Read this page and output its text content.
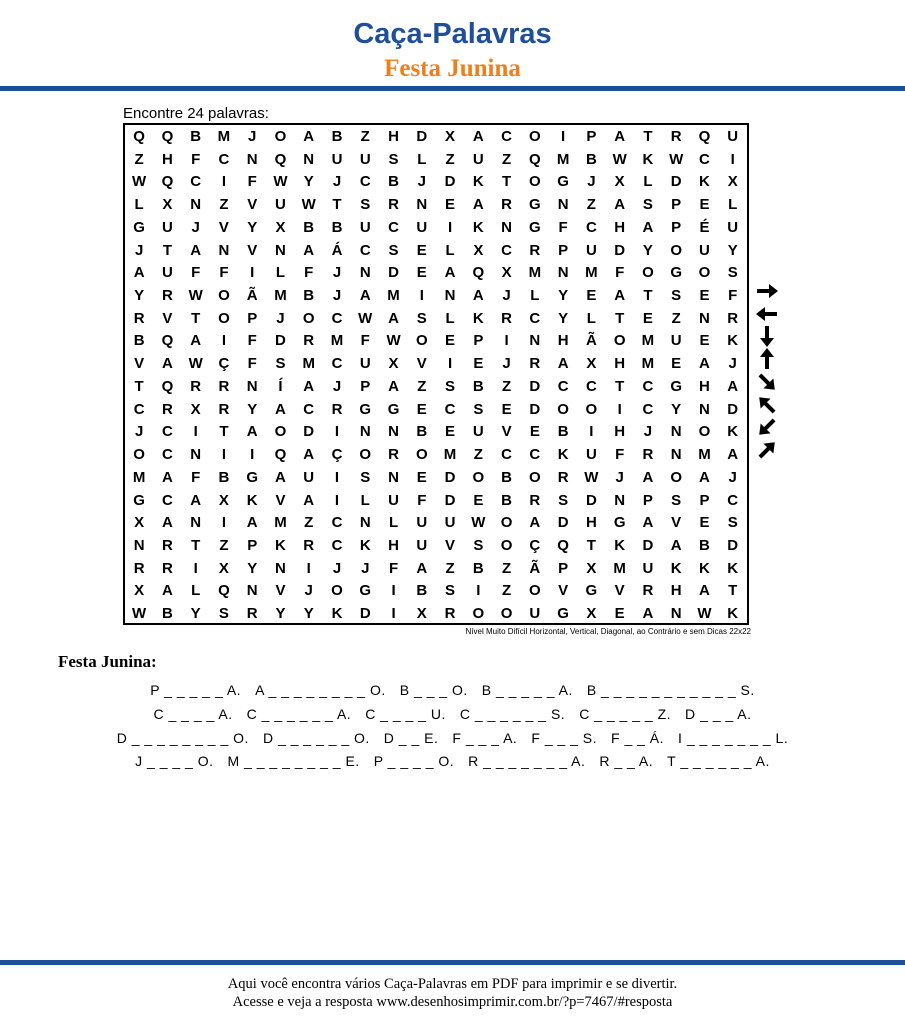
Caça-Palavras
Festa Junina
Encontre 24 palavras:
Q	Q	B	M	J	O	A	B	Z	H	D	X	A	C	O	I	P	A	T	R	Q	U
Z	H	F	C	N	Q	N	U	U	S	L	Z	U	Z	Q	M	B	W	K	W	C	I
W	Q	C	I	F	W	Y	J	C	B	J	D	K	T	O	G	J	X	L	D	K	X
L	X	N	Z	V	U	W	T	S	R	N	E	A	R	G	N	Z	A	S	P	E	L
G	U	J	V	Y	X	B	B	U	C	U	I	K	N	G	F	C	H	A	P	É	U
J	T	A	N	V	N	A	Á	C	S	E	L	X	C	R	P	U	D	Y	O	U	Y
A	U	F	F	I	L	F	J	N	D	E	A	Q	X	M	N	M	F	O	G	O	S
Y	R	W	O	Ã	M	B	J	A	M	I	N	A	J	L	Y	E	A	T	S	E	F
R	V	T	O	P	J	O	C	W	A	S	L	K	R	C	Y	L	T	E	Z	N	R
B	Q	A	I	F	D	R	M	F	W	O	E	P	I	N	H	Ã	O	M	U	E	K
V	A	W	Ç	F	S	M	C	U	X	V	I	E	J	R	A	X	H	M	E	A	J
T	Q	R	R	N	Í	A	J	P	A	Z	S	B	Z	D	C	C	T	C	G	H	A
C	R	X	R	Y	A	C	R	G	G	E	C	S	E	D	O	O	I	C	Y	N	D
J	C	I	T	A	O	D	I	N	N	B	E	U	V	E	B	I	H	J	N	O	K
O	C	N	I	I	Q	A	Ç	O	R	O	M	Z	C	C	K	U	F	R	N	M	A
M	A	F	B	G	A	U	I	S	N	E	D	O	B	O	R	W	J	A	O	A	J
G	C	A	X	K	V	A	I	L	U	F	D	E	B	R	S	D	N	P	S	P	C
X	A	N	I	A	M	Z	C	N	L	U	U	W	O	A	D	H	G	A	V	E	S
N	R	T	Z	P	K	R	C	K	H	U	V	S	O	Ç	Q	T	K	D	A	B	D
R	R	I	X	Y	N	I	J	J	F	A	Z	B	Z	Ã	P	X	M	U	K	K	K
X	A	L	Q	N	V	J	O	G	I	B	S	I	Z	O	V	G	V	R	H	A	T
W	B	Y	S	R	Y	Y	K	D	I	X	R	O	O	U	G	X	E	A	N	W	K
Nível Muito Difícil Horizontal, Vertical, Diagonal, ao Contrário e sem Dicas 22x22
Festa Junina:
P _ _ _ _ _ A. A _ _ _ _ _ _ _ _ O. B _ _ _ O. B _ _ _ _ _ A. B _ _ _ _ _ _ _ _ _ _ _ S.
C _ _ _ _ A. C _ _ _ _ _ _ A. C _ _ _ _ U. C _ _ _ _ _ _ S. C _ _ _ _ _ Z. D _ _ _ A.
D _ _ _ _ _ _ _ _ O. D _ _ _ _ _ _ O. D _ _ E. F _ _ _ A. F _ _ _ S. F _ _ Á. I _ _ _ _ _ _ _ L.
J _ _ _ _ O. M _ _ _ _ _ _ _ _ E. P _ _ _ _ O. R _ _ _ _ _ _ _ A. R _ _ A. T _ _ _ _ _ _ A.
Aqui você encontra vários Caça-Palavras em PDF para imprimir e se divertir.
Acesse e veja a resposta www.desenhosimprimir.com.br/?p=7467/#resposta
